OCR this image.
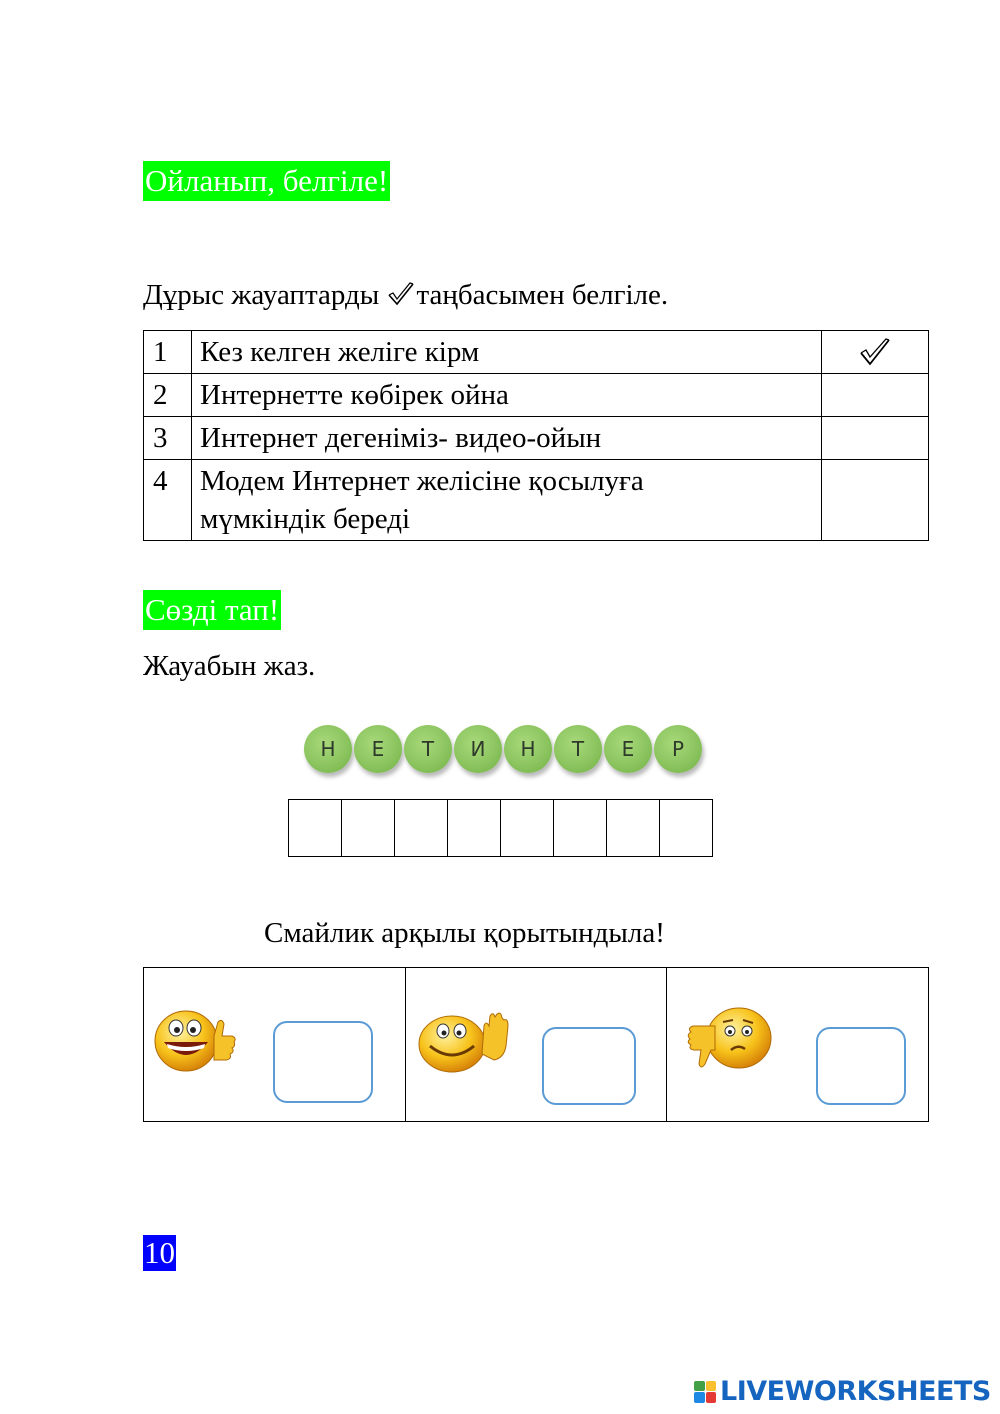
Ойланып, белгіле!
Дұрыс жауаптарды таңбасымен белгіле.
1	Кез келген желіге кірм	

2	Интернетте көбірек ойна	
3	Интернет дегеніміз- видео-ойын	
4	Модем Интернет желісіне қосылуға
мүмкіндік береді	

Сөзді тап!
Жауабын жаз.
Н	Е	Т	И	Н	Т	Е	Р
Смайлик арқылы қорытындыла!

10
LIVEWORKSHEETS
